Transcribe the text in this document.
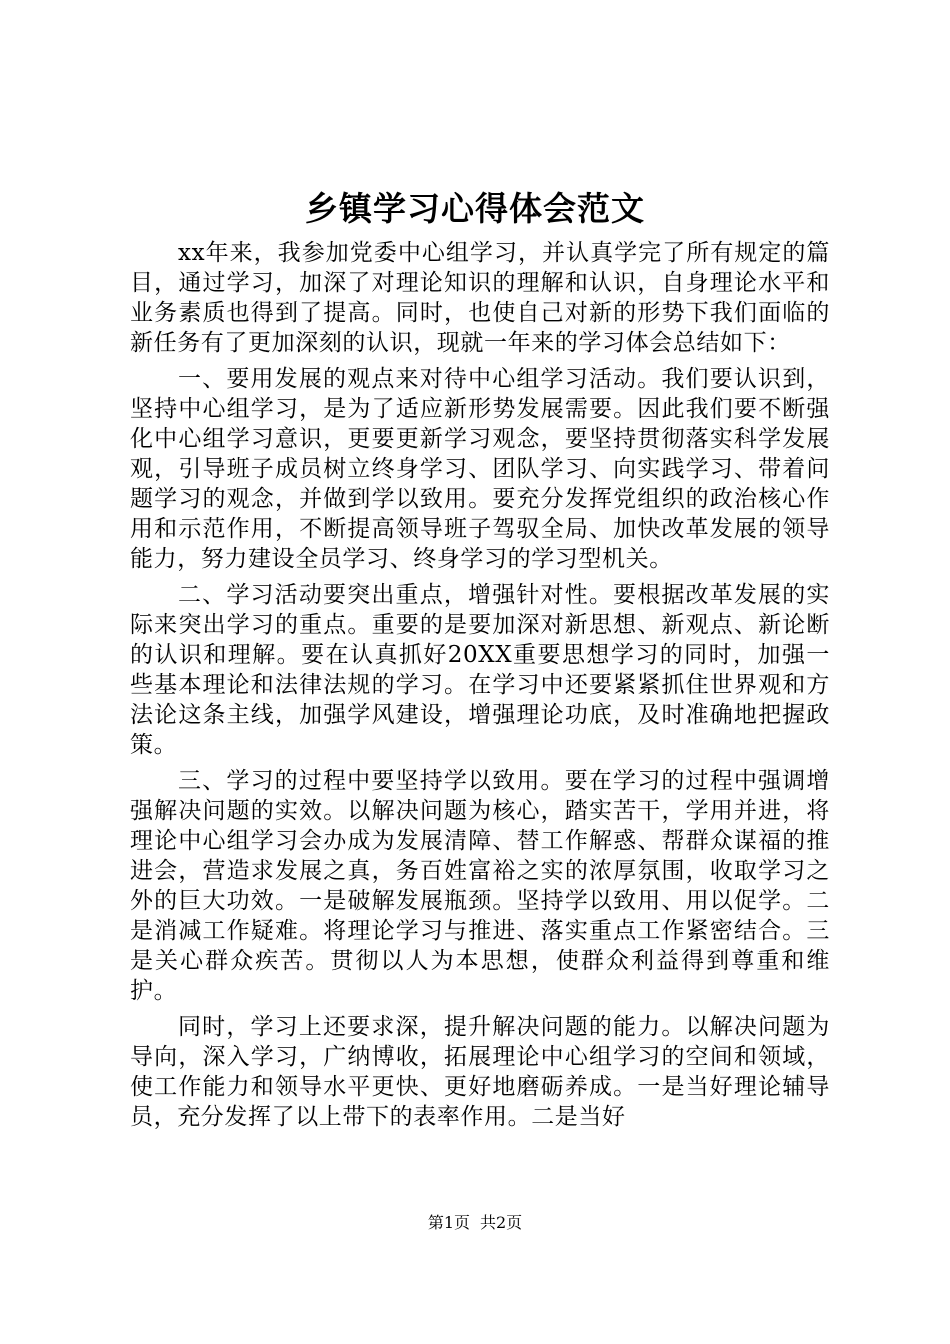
乡镇学习心得体会范文

xx年来，我参加党委中心组学习，并认真学完了所有规定的篇目，通过学习，加深了对理论知识的理解和认识，自身理论水平和业务素质也得到了提高。同时，也使自己对新的形势下我们面临的新任务有了更加深刻的认识，现就一年来的学习体会总结如下：

一、要用发展的观点来对待中心组学习活动。我们要认识到，坚持中心组学习，是为了适应新形势发展需要。因此我们要不断强化中心组学习意识，更要更新学习观念，要坚持贯彻落实科学发展观，引导班子成员树立终身学习、团队学习、向实践学习、带着问题学习的观念，并做到学以致用。要充分发挥党组织的政治核心作用和示范作用，不断提高领导班子驾驭全局、加快改革发展的领导能力，努力建设全员学习、终身学习的学习型机关。

二、学习活动要突出重点，增强针对性。要根据改革发展的实际来突出学习的重点。重要的是要加深对新思想、新观点、新论断的认识和理解。要在认真抓好20XX重要思想学习的同时，加强一些基本理论和法律法规的学习。在学习中还要紧紧抓住世界观和方法论这条主线，加强学风建设，增强理论功底，及时准确地把握政策。

三、学习的过程中要坚持学以致用。要在学习的过程中强调增强解决问题的实效。以解决问题为核心，踏实苦干，学用并进，将理论中心组学习会办成为发展清障、替工作解惑、帮群众谋福的推进会，营造求发展之真，务百姓富裕之实的浓厚氛围，收取学习之外的巨大功效。一是破解发展瓶颈。坚持学以致用、用以促学。二是消减工作疑难。将理论学习与推进、落实重点工作紧密结合。三是关心群众疾苦。贯彻以人为本思想，使群众利益得到尊重和维护。

同时，学习上还要求深，提升解决问题的能力。以解决问题为导向，深入学习，广纳博收，拓展理论中心组学习的空间和领域，使工作能力和领导水平更快、更好地磨砺养成。一是当好理论辅导员，充分发挥了以上带下的表率作用。二是当好

第1页 共2页
